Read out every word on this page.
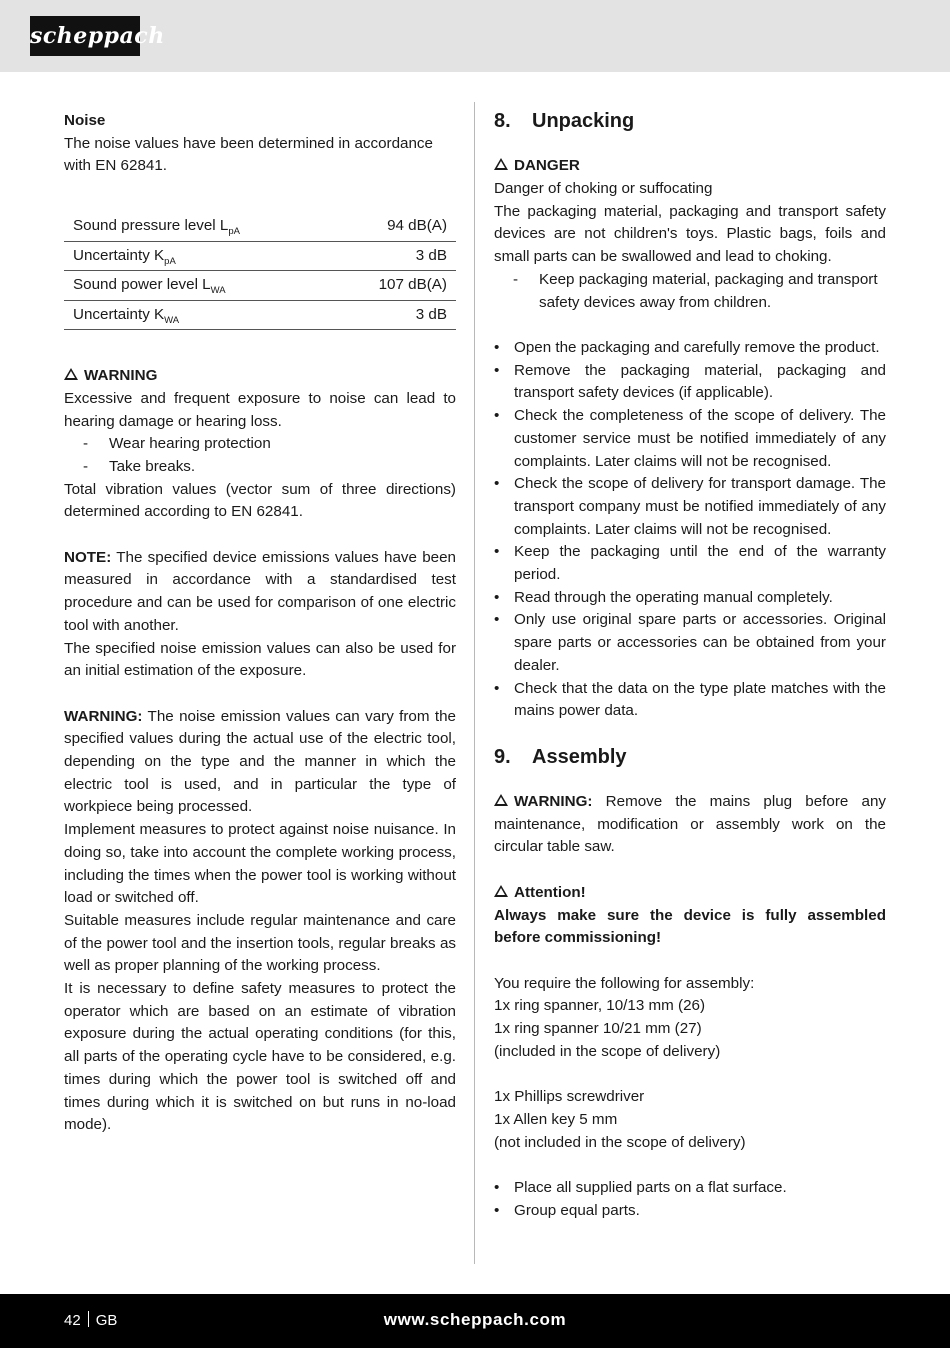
scheppach

Noise

The noise values have been determined in accordance with EN 62841.

Sound pressure level $L_{pA}$	94 dB(A)
Uncertainty $K_{pA}$	3 dB
Sound power level $L_{WA}$	107 dB(A)
Uncertainty $K_{WA}$	3 dB

WARNING

Excessive and frequent exposure to noise can lead to hearing damage or hearing loss.

- Wear hearing protection

- Take breaks.

Total vibration values (vector sum of three directions) determined according to EN 62841.

NOTE: The specified device emissions values have been measured in accordance with a standardised test procedure and can be used for comparison of one electric tool with another.

The specified noise emission values can also be used for an initial estimation of the exposure.

WARNING: The noise emission values can vary from the specified values during the actual use of the electric tool, depending on the type and the manner in which the electric tool is used, and in particular the type of workpiece being processed.

Implement measures to protect against noise nuisance. In doing so, take into account the complete working process, including the times when the power tool is working without load or switched off.

Suitable measures include regular maintenance and care of the power tool and the insertion tools, regular breaks as well as proper planning of the working process.

It is necessary to define safety measures to protect the operator which are based on an estimate of vibration exposure during the actual operating conditions (for this, all parts of the operating cycle have to be considered, e.g. times during which the power tool is switched off and times during which it is switched on but runs in no-load mode).

8. Unpacking

DANGER

Danger of choking or suffocating

The packaging material, packaging and transport safety devices are not children's toys. Plastic bags, foils and small parts can be swallowed and lead to choking.

- Keep packaging material, packaging and transport safety devices away from children.

• Open the packaging and carefully remove the product.

• Remove the packaging material, packaging and transport safety devices (if applicable).

• Check the completeness of the scope of delivery. The customer service must be notified immediately of any complaints. Later claims will not be recognised.

• Check the scope of delivery for transport damage. The transport company must be notified immediately of any complaints. Later claims will not be recognised.

• Keep the packaging until the end of the warranty period.

• Read through the operating manual completely.

• Only use original spare parts or accessories. Original spare parts or accessories can be obtained from your dealer.

• Check that the data on the type plate matches with the mains power data.

9. Assembly

WARNING: Remove the mains plug before any maintenance, modification or assembly work on the circular table saw.

Attention!

Always make sure the device is fully assembled before commissioning!

You require the following for assembly:

1x ring spanner, 10/13 mm (26)

1x ring spanner 10/21 mm (27)

(included in the scope of delivery)

1x Phillips screwdriver

1x Allen key 5 mm

(not included in the scope of delivery)

• Place all supplied parts on a flat surface.

• Group equal parts.

42 GB	www.scheppach.com
